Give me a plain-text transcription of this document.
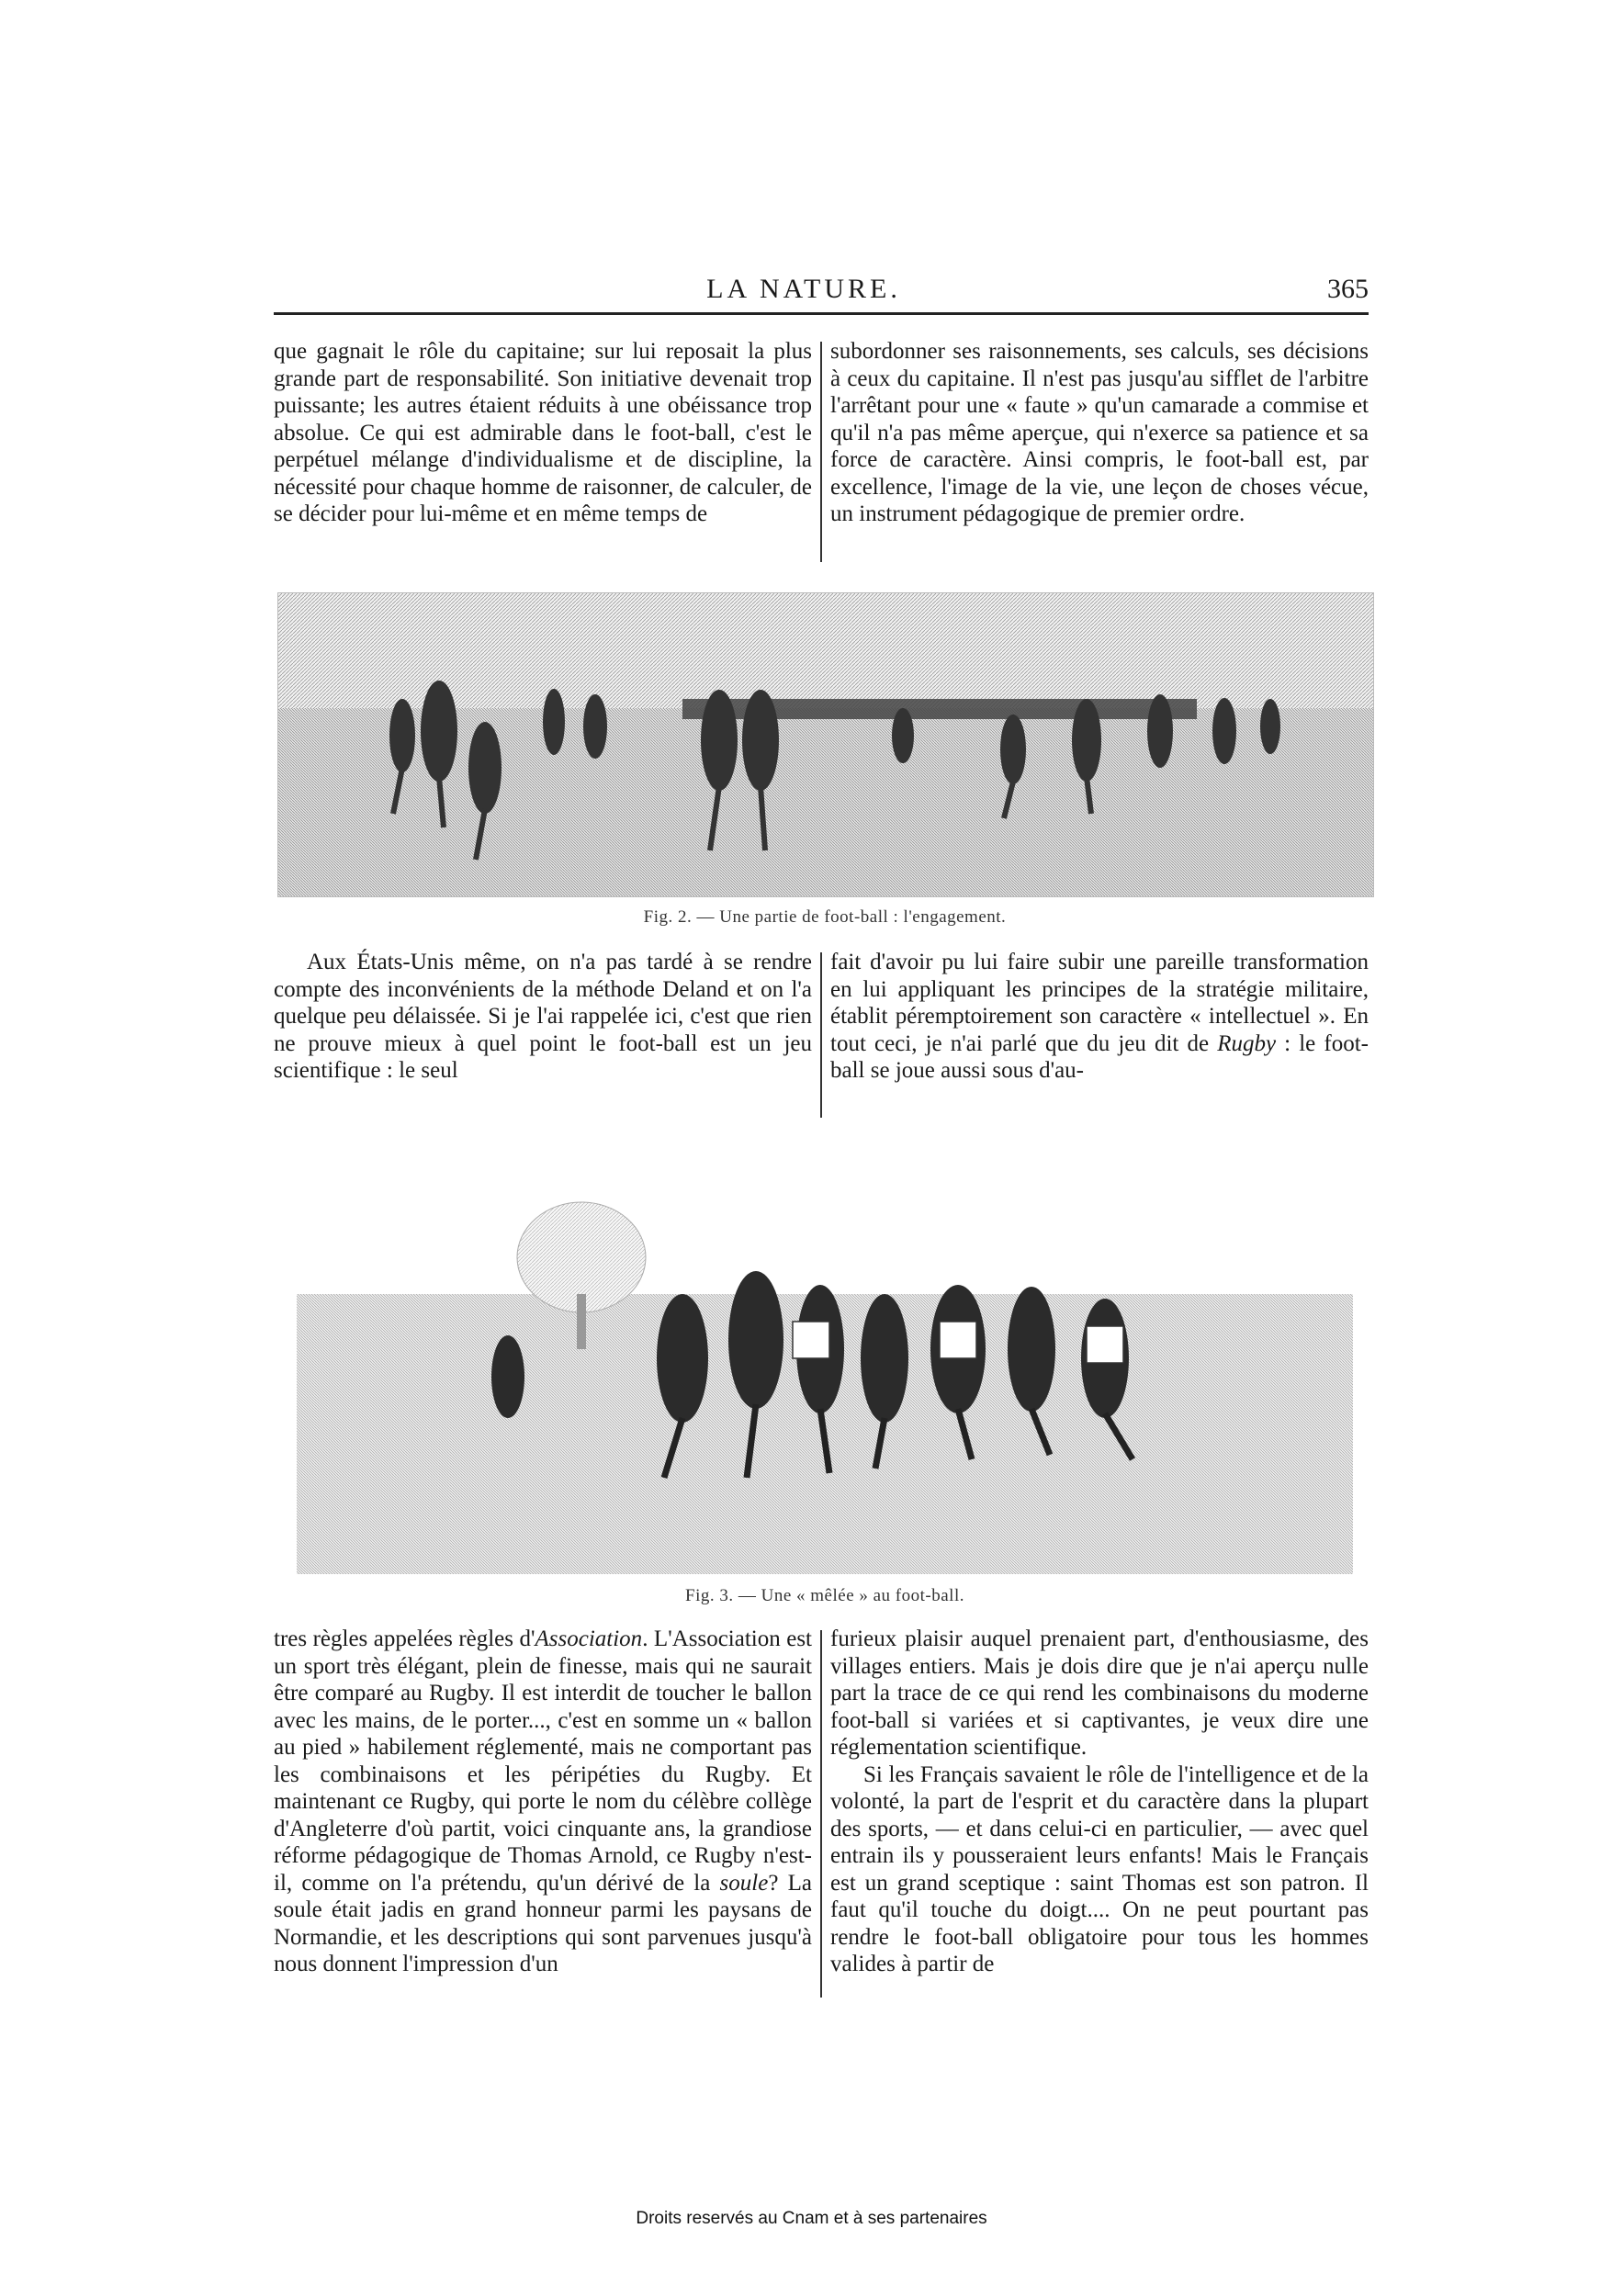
LA NATURE.	365

que gagnait le rôle du capitaine; sur lui reposait la plus grande part de responsabilité. Son initiative devenait trop puissante; les autres étaient réduits à une obéissance trop absolue. Ce qui est admirable dans le foot-ball, c'est le perpétuel mélange d'individualisme et de discipline, la nécessité pour chaque homme de raisonner, de calculer, de se décider pour lui-même et en même temps de

subordonner ses raisonnements, ses calculs, ses décisions à ceux du capitaine. Il n'est pas jusqu'au sifflet de l'arbitre l'arrêtant pour une « faute » qu'un camarade a commise et qu'il n'a pas même aperçue, qui n'exerce sa patience et sa force de caractère. Ainsi compris, le foot-ball est, par excellence, l'image de la vie, une leçon de choses vécue, un instrument pédagogique de premier ordre.

Fig. 2. — Une partie de foot-ball : l'engagement.

Aux États-Unis même, on n'a pas tardé à se rendre compte des inconvénients de la méthode Deland et on l'a quelque peu délaissée. Si je l'ai rappelée ici, c'est que rien ne prouve mieux à quel point le foot-ball est un jeu scientifique : le seul

fait d'avoir pu lui faire subir une pareille transformation en lui appliquant les principes de la stratégie militaire, établit péremptoirement son caractère « intellectuel ». En tout ceci, je n'ai parlé que du jeu dit de Rugby : le foot-ball se joue aussi sous d'au-

Fig. 3. — Une « mêlée » au foot-ball.

tres règles appelées règles d'Association. L'Association est un sport très élégant, plein de finesse, mais qui ne saurait être comparé au Rugby. Il est interdit de toucher le ballon avec les mains, de le porter..., c'est en somme un « ballon au pied » habilement réglementé, mais ne comportant pas les combinaisons et les péripéties du Rugby. Et maintenant ce Rugby, qui porte le nom du célèbre collège d'Angleterre d'où partit, voici cinquante ans, la grandiose réforme pédagogique de Thomas Arnold, ce Rugby n'est-il, comme on l'a prétendu, qu'un dérivé de la soule? La soule était jadis en grand honneur parmi les paysans de Normandie, et les descriptions qui sont parvenues jusqu'à nous donnent l'impression d'un

furieux plaisir auquel prenaient part, d'enthousiasme, des villages entiers. Mais je dois dire que je n'ai aperçu nulle part la trace de ce qui rend les combinaisons du moderne foot-ball si variées et si captivantes, je veux dire une réglementation scientifique.

Si les Français savaient le rôle de l'intelligence et de la volonté, la part de l'esprit et du caractère dans la plupart des sports, — et dans celui-ci en particulier, — avec quel entrain ils y pousseraient leurs enfants! Mais le Français est un grand sceptique : saint Thomas est son patron. Il faut qu'il touche du doigt.... On ne peut pourtant pas rendre le foot-ball obligatoire pour tous les hommes valides à partir de

Droits reservés au Cnam et à ses partenaires
